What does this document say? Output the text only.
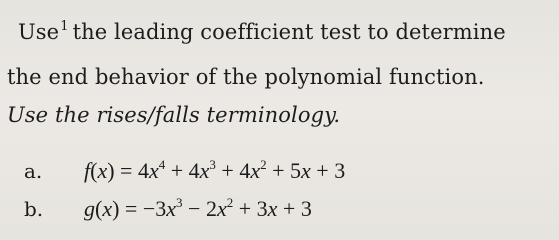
Use$^1$ the leading coefficient test to determine
the end behavior of the polynomial function.
Use the rises/falls terminology.
a. $f(x) = 4x^4 + 4x^3 + 4x^2 + 5x + 3$
b. $g(x) = -3x^3 - 2x^2 + 3x + 3$
